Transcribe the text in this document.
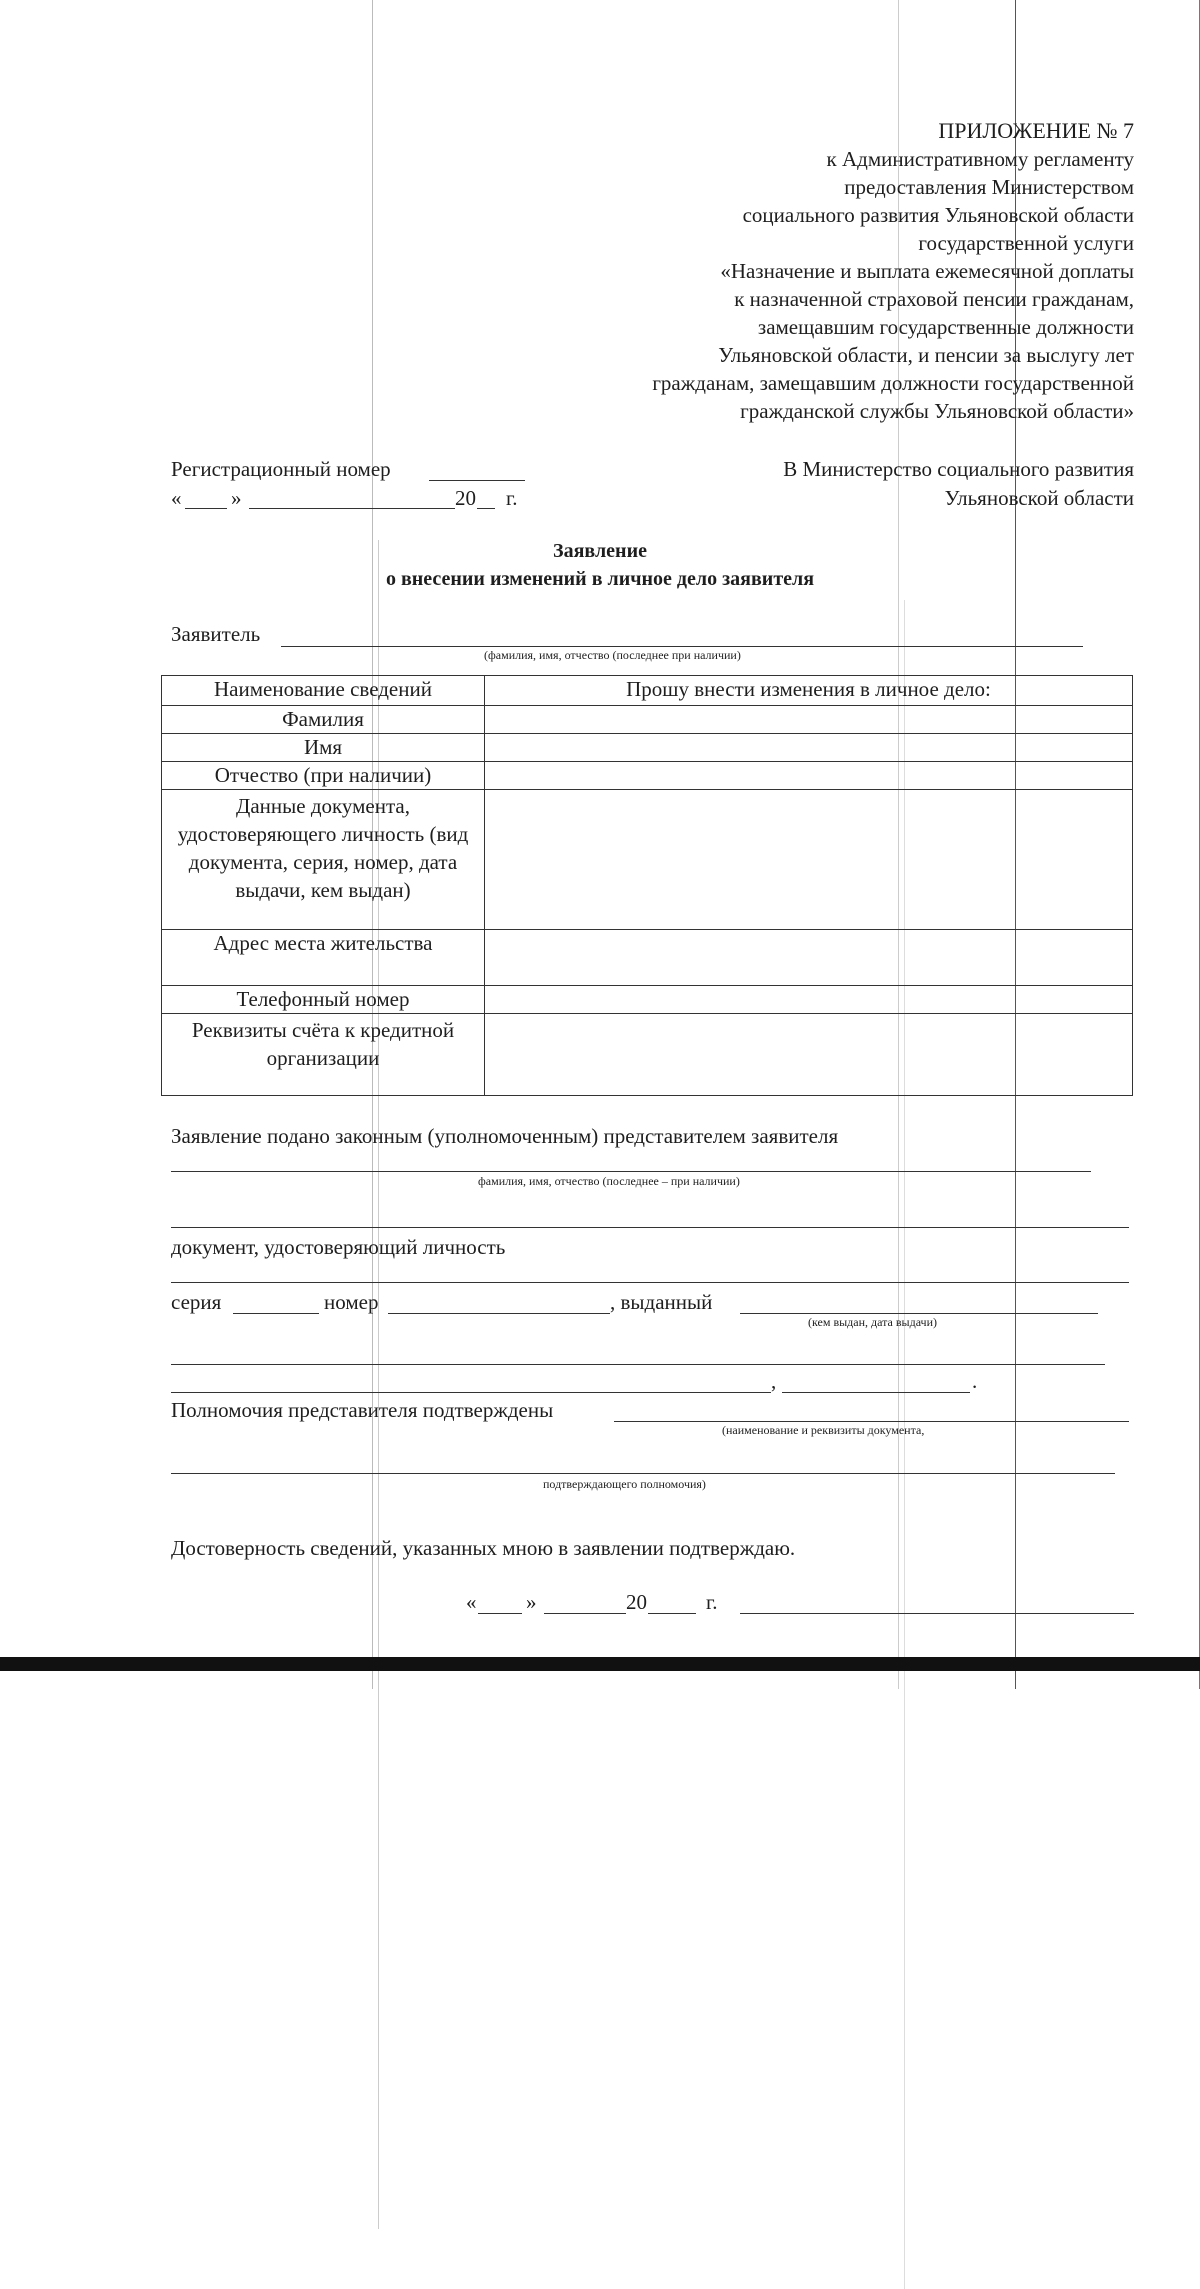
ПРИЛОЖЕНИЕ № 7
к Административному регламенту
предоставления Министерством
социального развития Ульяновской области
государственной услуги
«Назначение и выплата ежемесячной доплаты
к назначенной страховой пенсии гражданам,
замещавшим государственные должности
Ульяновской области, и пенсии за выслугу лет
гражданам, замещавшим должности государственной
гражданской службы Ульяновской области»
Регистрационный номер
« »	20 г.
В Министерство социального развития
Ульяновской области
Заявление
о внесении изменений в личное дело заявителя
Заявитель
(фамилия, имя, отчество (последнее при наличии)
Наименование сведений	Прошу внести изменения в личное дело:
Фамилия	
Имя	
Отчество (при наличии)	
Данные документа, удостоверяющего личность (вид документа, серия, номер, дата выдачи, кем выдан)	
Адрес места жительства	
Телефонный номер	
Реквизиты счёта к кредитной организации	
Заявление подано законным (уполномоченным) представителем заявителя
фамилия, имя, отчество (последнее – при наличии)
документ, удостоверяющий личность
серия	номер	, выданный
(кем выдан, дата выдачи)
,	.
Полномочия представителя подтверждены
(наименование и реквизиты документа,
подтверждающего полномочия)
Достоверность сведений, указанных мною в заявлении подтверждаю.
« »	20	г.
